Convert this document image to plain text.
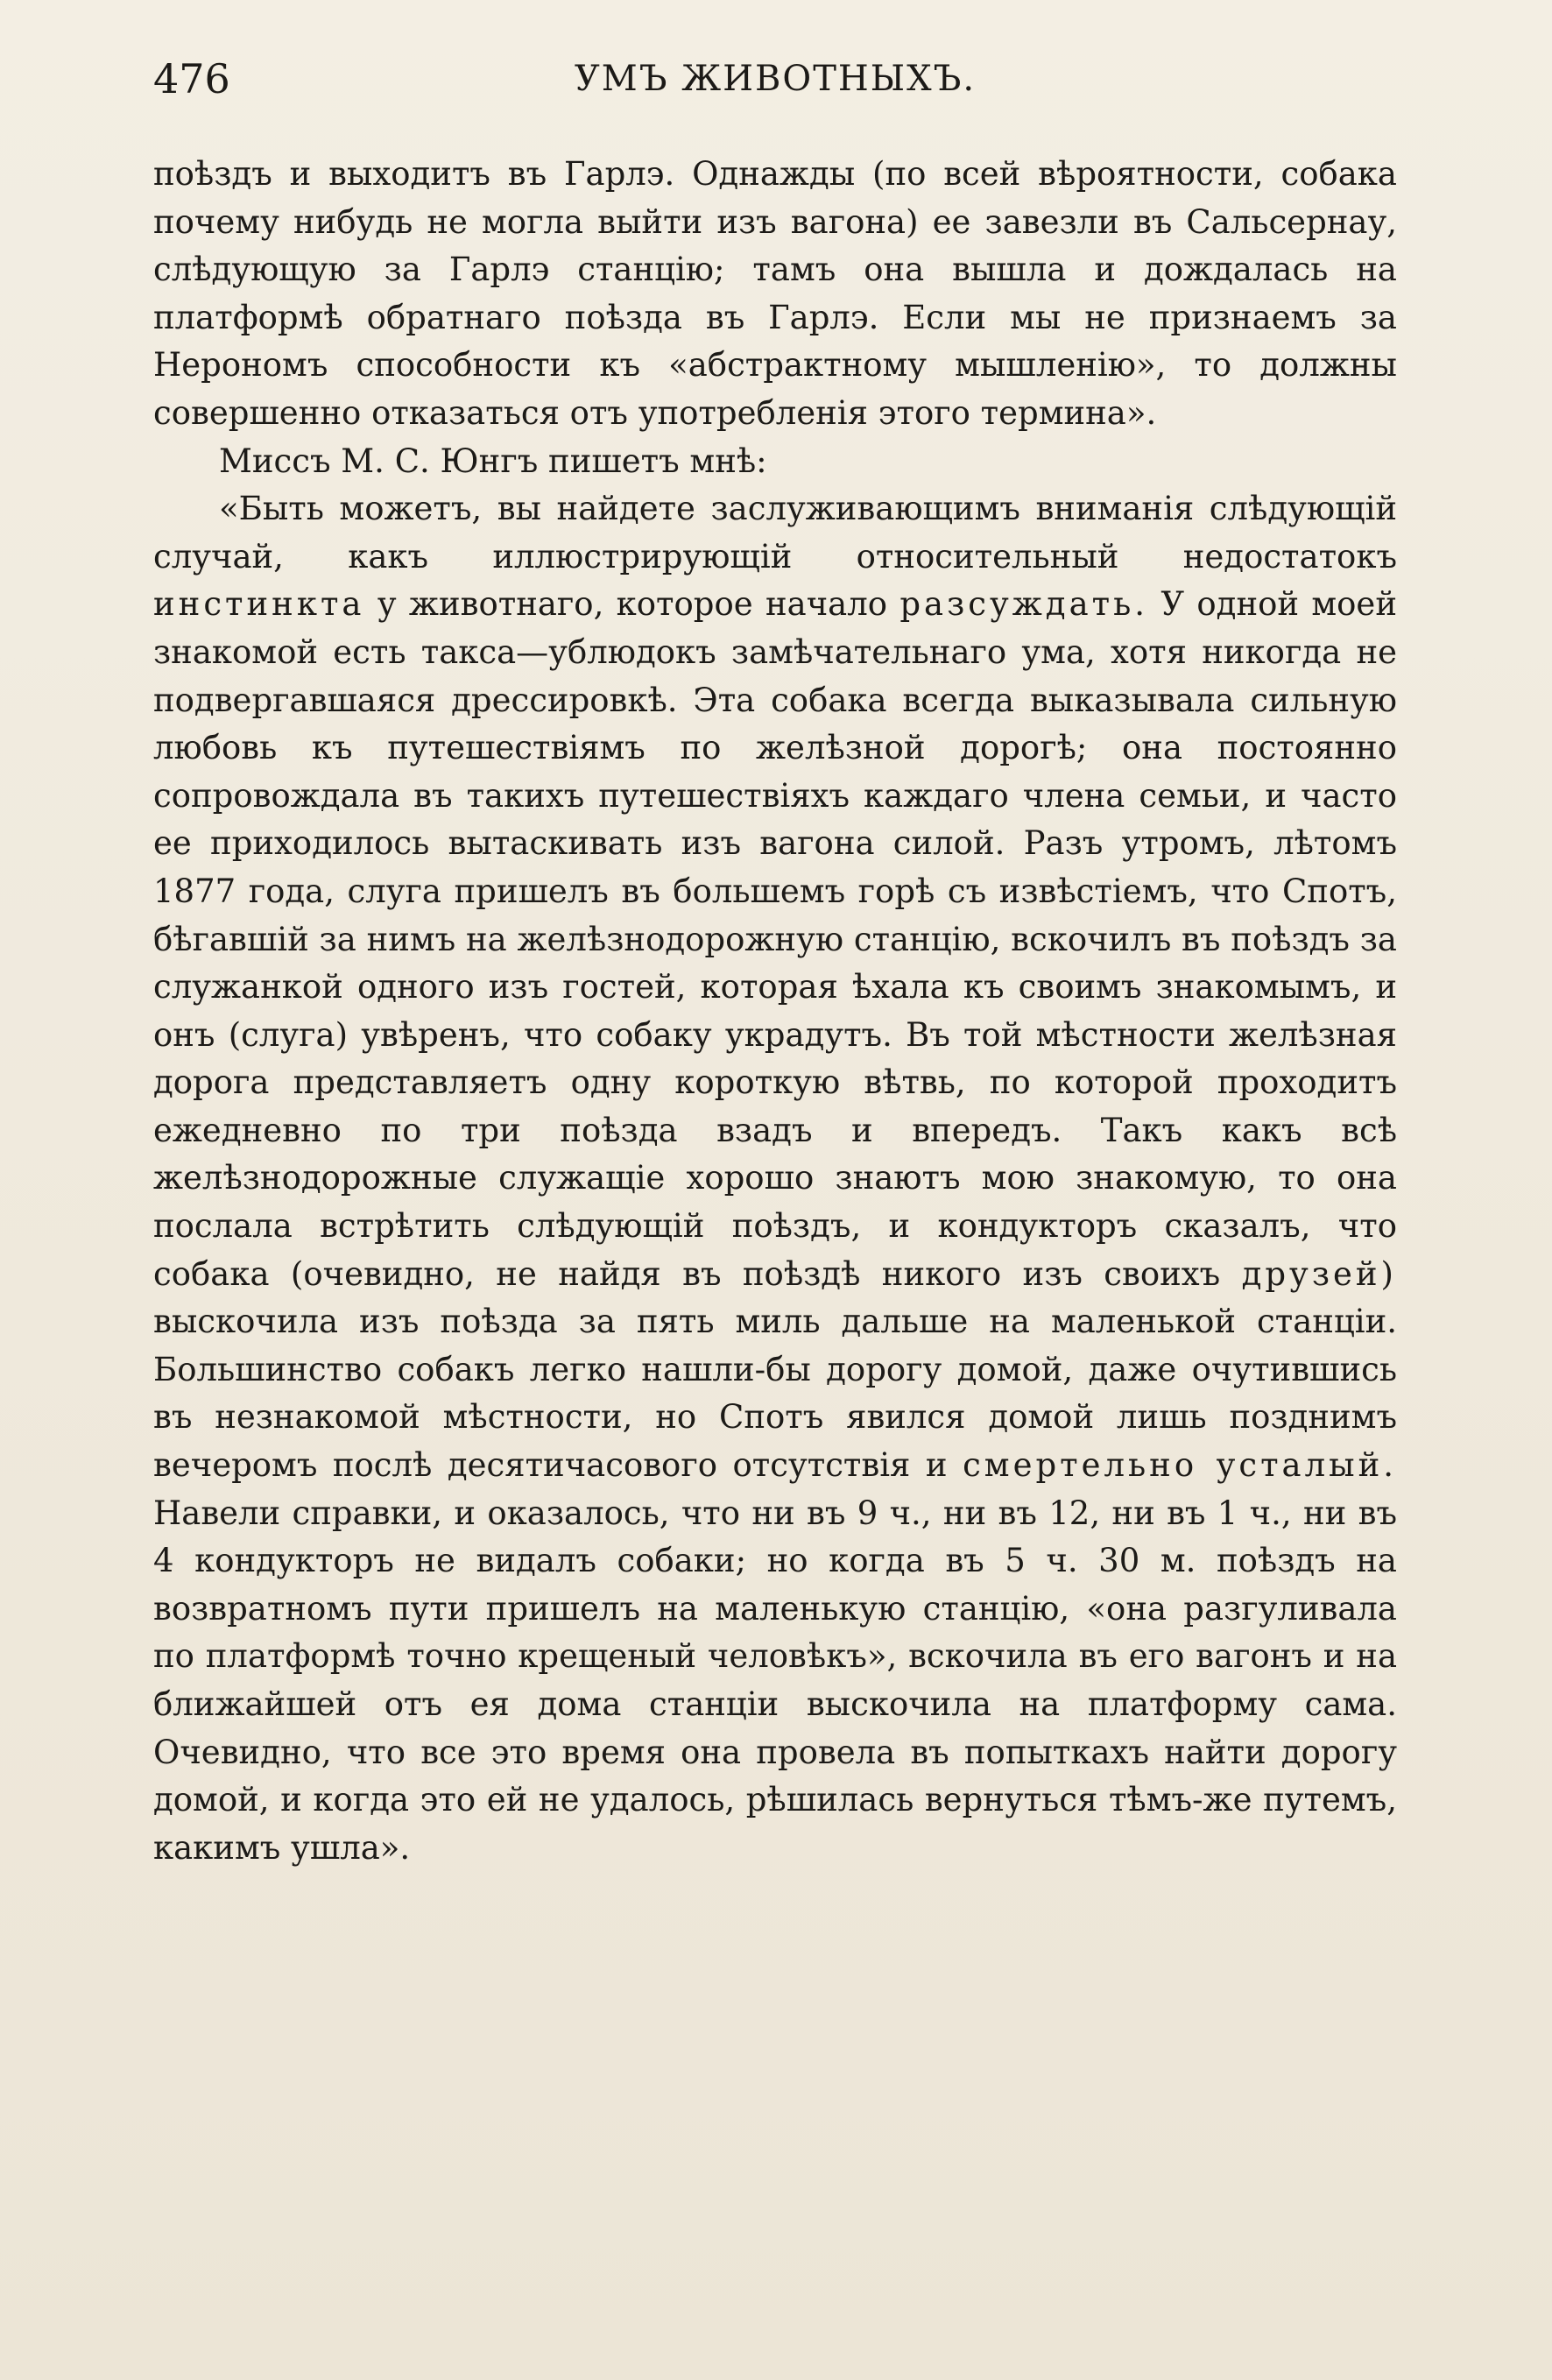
476	УМЪ ЖИВОТНЫХЪ.

поѣздъ и выходитъ въ Гарлэ. Однажды (по всей вѣроятности, собака почему нибудь не могла выйти изъ вагона) ее завезли въ Сальсернау, слѣдующую за Гарлэ станцію; тамъ она вышла и дождалась на платформѣ обратнаго поѣзда въ Гарлэ. Если мы не признаемъ за Нерономъ способности къ «абстрактному мышленію», то должны совершенно отказаться отъ употребленія этого термина».

Миссъ М. С. Юнгъ пишетъ мнѣ:

«Быть можетъ, вы найдете заслуживающимъ вниманія слѣдующій случай, какъ иллюстрирующій относительный недостатокъ инстинкта у животнаго, которое начало разсуждать. У одной моей знакомой есть такса—ублюдокъ замѣчательнаго ума, хотя никогда не подвергавшаяся дрессировкѣ. Эта собака всегда выказывала сильную любовь къ путешествіямъ по желѣзной дорогѣ; она постоянно сопровождала въ такихъ путешествіяхъ каждаго члена семьи, и часто ее приходилось вытаскивать изъ вагона силой. Разъ утромъ, лѣтомъ 1877 года, слуга пришелъ въ большемъ горѣ съ извѣстіемъ, что Спотъ, бѣгавшій за нимъ на желѣзнодорожную станцію, вскочилъ въ поѣздъ за служанкой одного изъ гостей, которая ѣхала къ своимъ знакомымъ, и онъ (слуга) увѣренъ, что собаку украдутъ. Въ той мѣстности желѣзная дорога представляетъ одну короткую вѣтвь, по которой проходитъ ежедневно по три поѣзда взадъ и впередъ. Такъ какъ всѣ желѣзнодорожные служащіе хорошо знаютъ мою знакомую, то она послала встрѣтить слѣдующій поѣздъ, и кондукторъ сказалъ, что собака (очевидно, не найдя въ поѣздѣ никого изъ своихъ друзей) выскочила изъ поѣзда за пять миль дальше на маленькой станціи. Большинство собакъ легко нашли-бы дорогу домой, даже очутившись въ незнакомой мѣстности, но Спотъ явился домой лишь позднимъ вечеромъ послѣ десятичасового отсутствія и смертельно усталый. Навели справки, и оказалось, что ни въ 9 ч., ни въ 12, ни въ 1 ч., ни въ 4 кондукторъ не видалъ собаки; но когда въ 5 ч. 30 м. поѣздъ на возвратномъ пути пришелъ на маленькую станцію, «она разгуливала по платформѣ точно крещеный человѣкъ», вскочила въ его вагонъ и на ближайшей отъ ея дома станціи выскочила на платформу сама. Очевидно, что все это время она провела въ попыткахъ найти дорогу домой, и когда это ей не удалось, рѣшилась вернуться тѣмъ-же путемъ, какимъ ушла».
